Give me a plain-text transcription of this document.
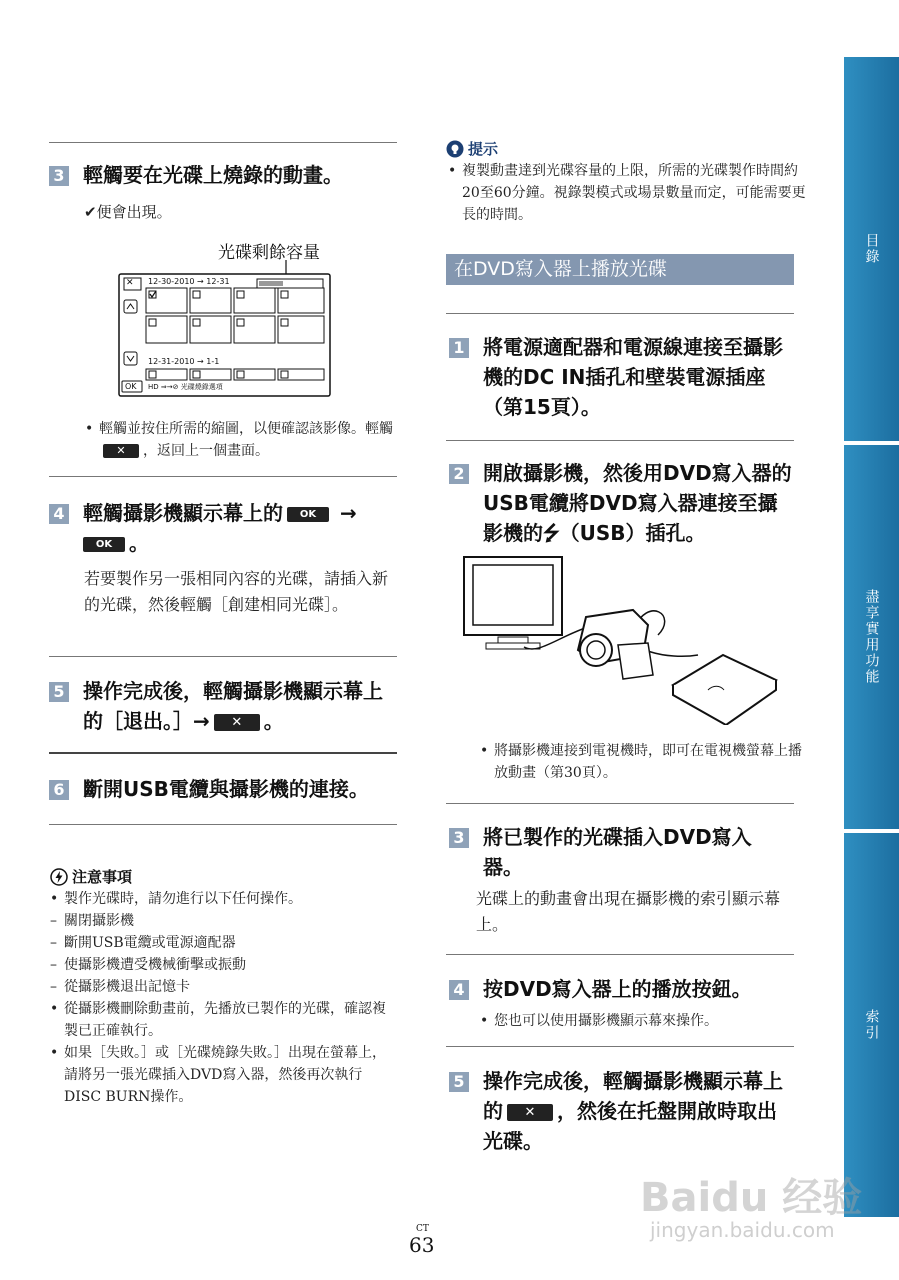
3 輕觸要在光碟上燒錄的動畫。
✔便會出現。
光碟剩餘容量
✕ 12-30-2010 → 12-31
12-31-2010 → 1-1
OK HD ⇒→⊘ 光碟燒錄選項
• 輕觸並按住所需的縮圖，以便確認該影像。輕觸✕ ，返回上一個畫面。
4 輕觸攝影機顯示幕上的 OK →
OK 。
若要製作另一張相同內容的光碟，請插入新的光碟，然後輕觸［創建相同光碟］。
5 操作完成後，輕觸攝影機顯示幕上的［退出。］→ ✕ 。
6 斷開USB電纜與攝影機的連接。
注意事項
• 製作光碟時，請勿進行以下任何操作。
– 關閉攝影機
– 斷開USB電纜或電源適配器
– 使攝影機遭受機械衝擊或振動
– 從攝影機退出記憶卡
• 從攝影機刪除動畫前，先播放已製作的光碟，確認複製已正確執行。
• 如果［失敗。］或［光碟燒錄失敗。］出現在螢幕上，請將另一張光碟插入DVD寫入器，然後再次執行DISC BURN操作。
提示
• 複製動畫達到光碟容量的上限，所需的光碟製作時間約20至60分鐘。視錄製模式或場景數量而定，可能需要更長的時間。
在DVD寫入器上播放光碟
1 將電源適配器和電源線連接至攝影機的DC IN插孔和壁裝電源插座（第15頁）。
2 開啟攝影機，然後用DVD寫入器的USB電纜將DVD寫入器連接至攝影機的⭍（USB）插孔。
• 將攝影機連接到電視機時，即可在電視機螢幕上播放動畫（第30頁）。
3 將已製作的光碟插入DVD寫入器。
光碟上的動畫會出現在攝影機的索引顯示幕上。
4 按DVD寫入器上的播放按鈕。
• 您也可以使用攝影機顯示幕來操作。
5 操作完成後，輕觸攝影機顯示幕上的 ✕ ，然後在托盤開啟時取出光碟。
目錄
盡享實用功能
索引
CT
63
Baidu 经验
jingyan.baidu.com
